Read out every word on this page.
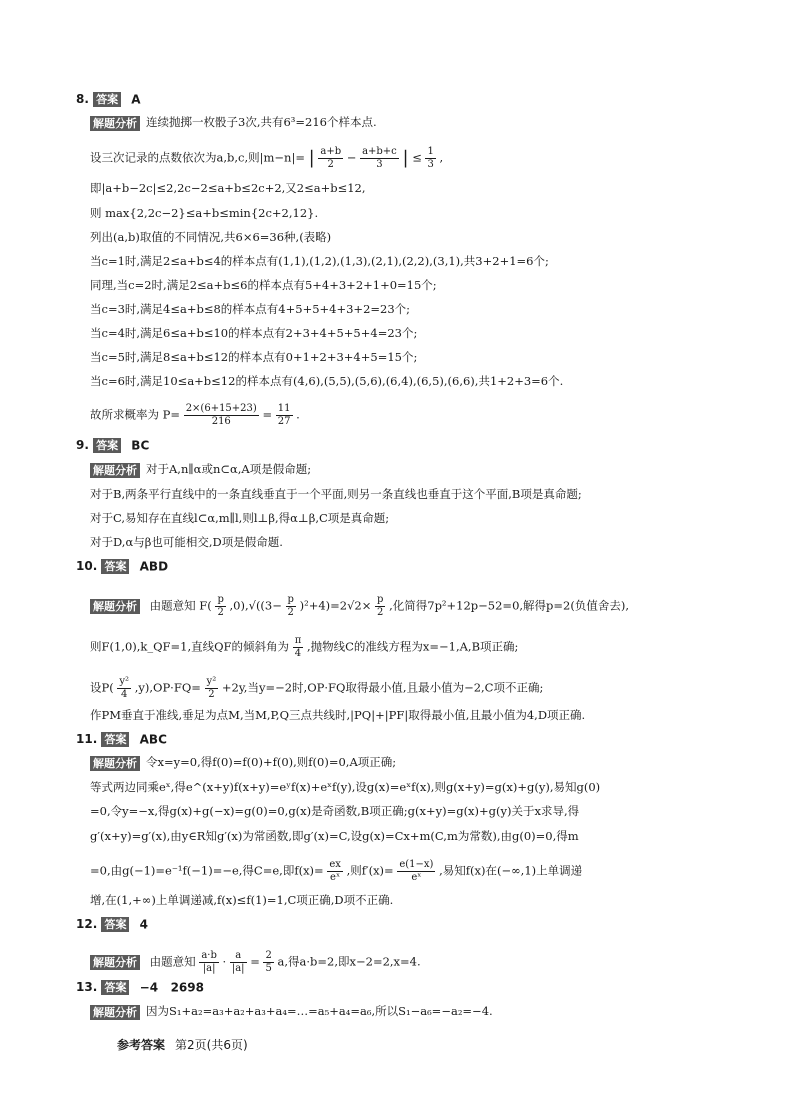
8. 答案 A
解题分析 连续抛掷一枚骰子3次,共有6³=216个样本点.
设三次记录的点数依次为a,b,c,则|m−n|= | $\frac{a+b}{2} - \frac{a+b+c}{3}$ | ≤ $\frac{1}{3}$ ,
即|a+b−2c|≤2,2c−2≤a+b≤2c+2,又2≤a+b≤12,
则 max{2,2c−2}≤a+b≤min{2c+2,12}.
列出(a,b)取值的不同情况,共6×6=36种,(表略)
当c=1时,满足2≤a+b≤4的样本点有(1,1),(1,2),(1,3),(2,1),(2,2),(3,1),共3+2+1=6个;
同理,当c=2时,满足2≤a+b≤6的样本点有5+4+3+2+1+0=15个;
当c=3时,满足4≤a+b≤8的样本点有4+5+5+4+3+2=23个;
当c=4时,满足6≤a+b≤10的样本点有2+3+4+5+5+4=23个;
当c=5时,满足8≤a+b≤12的样本点有0+1+2+3+4+5=15个;
当c=6时,满足10≤a+b≤12的样本点有(4,6),(5,5),(5,6),(6,4),(6,5),(6,6),共1+2+3=6个.
故所求概率为 $P= \frac{2\times(6+15+23)}{216} = \frac{11}{27}$ .
9. 答案 BC
解题分析 对于A,n∥α或n⊂α,A项是假命题;
对于B,两条平行直线中的一条直线垂直于一个平面,则另一条直线也垂直于这个平面,B项是真命题;
对于C,易知存在直线l⊂α,m∥l,则l⊥β,得α⊥β,C项是真命题;
对于D,α与β也可能相交,D项是假命题.
10. 答案 ABD
解题分析 由题意知 $F( \frac{p}{2} ,0),√((3- \frac{p}{2} )^2+4)=2√2\times \frac{p}{2}$ ,化简得7p²+12p−52=0,解得p=2(负值舍去),
则F(1,0),k_QF=1,直线QF的倾斜角为 $\frac{\pi}{4}$ ,抛物线C的准线方程为x=−1,A,B项正确;
设$P( \frac{\text{y²}}{4} ,y),OP\cdot FQ= \frac{\text{y²}}{2} +2y$,当y=−2时,OP·FQ取得最小值,且最小值为−2,C项不正确;
作PM垂直于准线,垂足为点M,当M,P,Q三点共线时,|PQ|+|PF|取得最小值,且最小值为4,D项正确.
11. 答案 ABC
解题分析 令x=y=0,得f(0)=f(0)+f(0),则f(0)=0,A项正确;
等式两边同乘eˣ,得e^(x+y)f(x+y)=eʸf(x)+eˣf(y),设g(x)=eˣf(x),则g(x+y)=g(x)+g(y),易知g(0)
=0,令y=−x,得g(x)+g(−x)=g(0)=0,g(x)是奇函数,B项正确;g(x+y)=g(x)+g(y)关于x求导,得
g′(x+y)=g′(x),由y∈R知g′(x)为常函数,即g′(x)=C,设g(x)=Cx+m(C,m为常数),由g(0)=0,得m
=0,由g(−1)=e⁻¹f(−1)=−e,得C=e,即$f(x)= \frac{ex}{\text{eˣ}}$ ,则$f'(x)= \frac{e(1-x)}{\text{eˣ}}$ ,易知f(x)在(−∞,1)上单调递
增,在(1,+∞)上单调递减,f(x)≤f(1)=1,C项正确,D项不正确.
12. 答案 4
解题分析 由题意知 $\frac{a\cdot b}{|a|} \cdot \frac{a}{|a|} = \frac{2}{5} a$,得a·b=2,即x−2=2,x=4.
13. 答案 −4   2698
解题分析 因为S₁+a₂=a₃+a₂+a₃+a₄=…=a₅+a₄=a₆,所以S₁−a₆=−a₂=−4.
参考答案 第2页(共6页)
